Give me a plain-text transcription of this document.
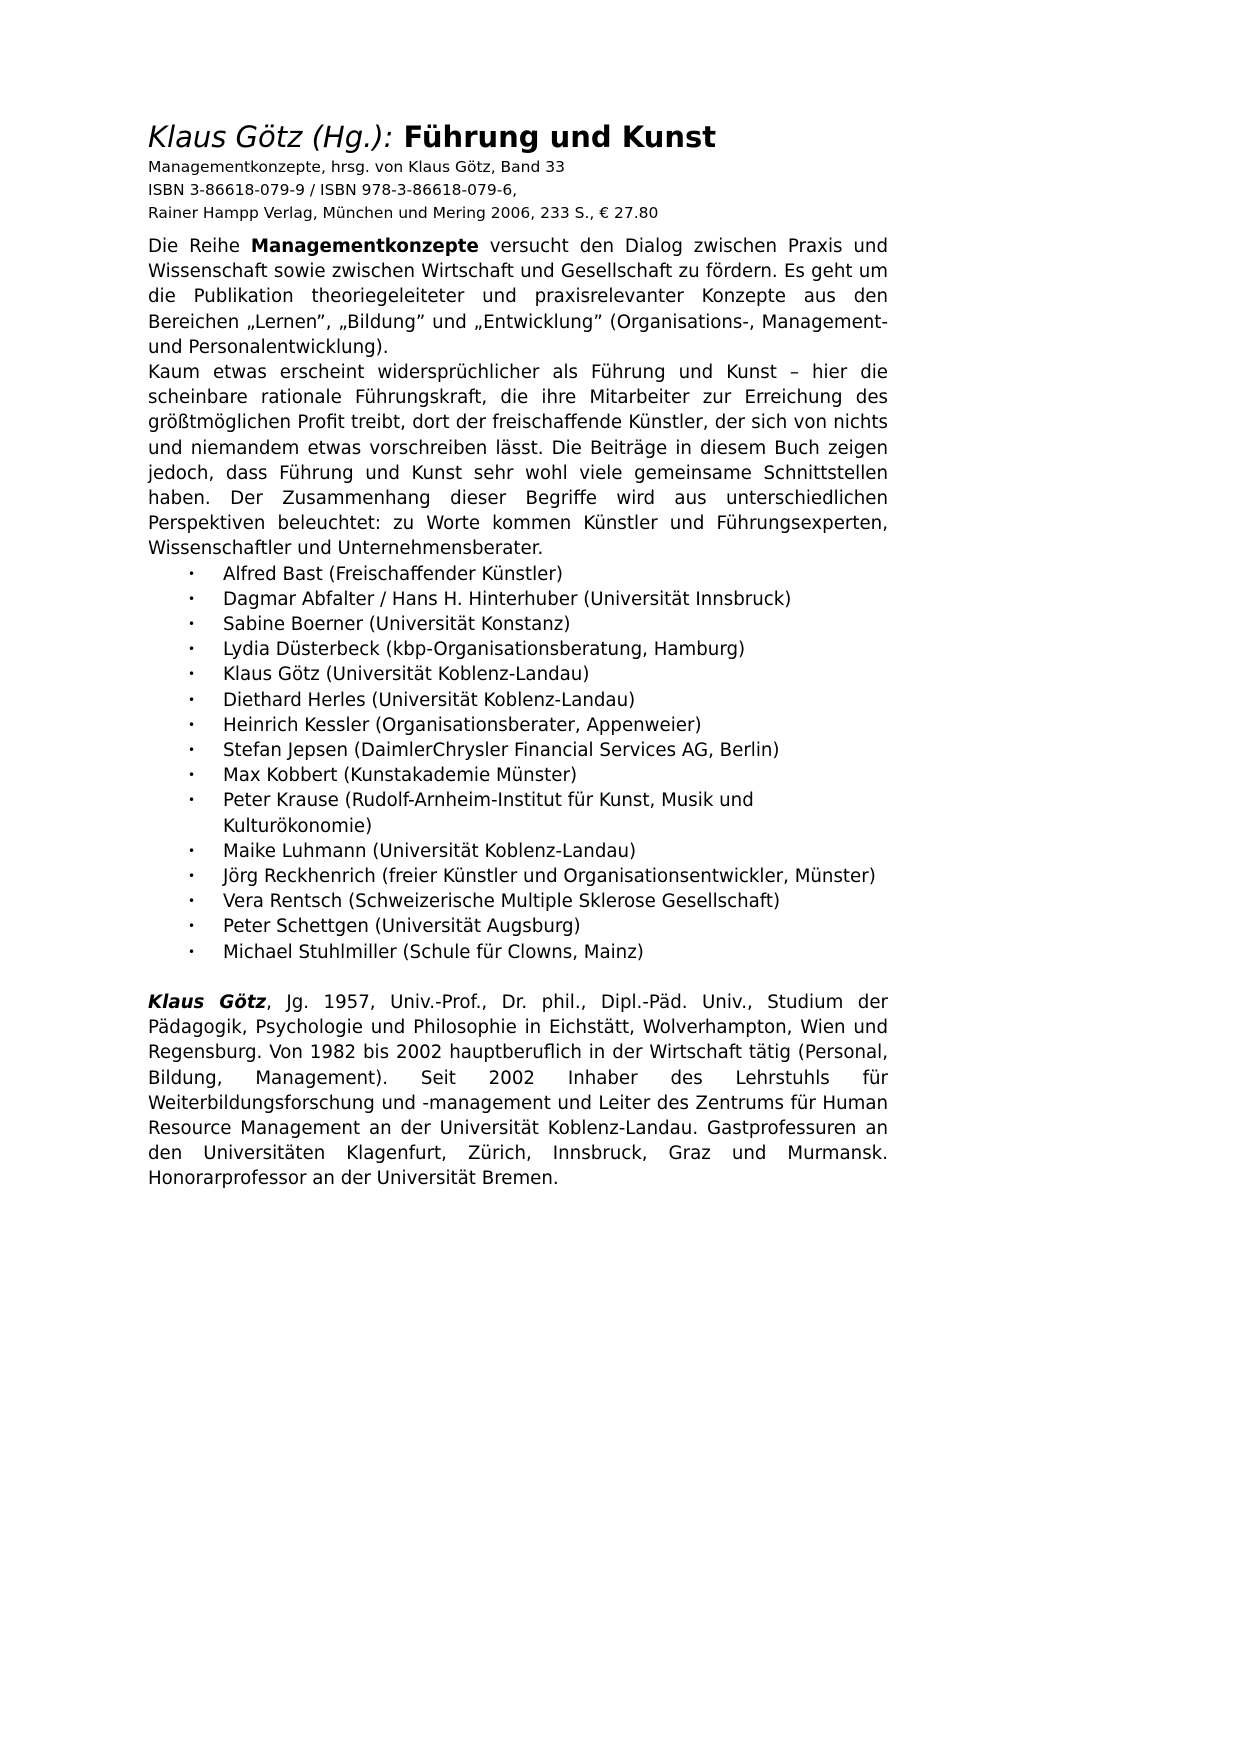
Klaus Götz (Hg.): Führung und Kunst

Managementkonzepte, hrsg. von Klaus Götz, Band 33

ISBN 3-86618-079-9 / ISBN 978-3-86618-079-6,

Rainer Hampp Verlag, München und Mering 2006, 233 S., € 27.80

Die Reihe Managementkonzepte versucht den Dialog zwischen Praxis und Wissenschaft sowie zwischen Wirtschaft und Gesellschaft zu fördern. Es geht um die Publikation theoriegeleiteter und praxisrelevanter Konzepte aus den Bereichen „Lernen”, „Bildung” und „Entwicklung” (Organisations-, Management- und Personalentwicklung).

Kaum etwas erscheint widersprüchlicher als Führung und Kunst – hier die scheinbare rationale Führungskraft, die ihre Mitarbeiter zur Erreichung des größtmöglichen Profit treibt, dort der freischaffende Künstler, der sich von nichts und niemandem etwas vorschreiben lässt. Die Beiträge in diesem Buch zeigen jedoch, dass Führung und Kunst sehr wohl viele gemeinsame Schnittstellen haben. Der Zusammenhang dieser Begriffe wird aus unterschiedlichen Perspektiven beleuchtet: zu Worte kommen Künstler und Führungsexperten, Wissenschaftler und Unternehmensberater.

• Alfred Bast (Freischaffender Künstler)
• Dagmar Abfalter / Hans H. Hinterhuber (Universität Innsbruck)
• Sabine Boerner (Universität Konstanz)
• Lydia Düsterbeck (kbp-Organisationsberatung, Hamburg)
• Klaus Götz (Universität Koblenz-Landau)
• Diethard Herles (Universität Koblenz-Landau)
• Heinrich Kessler (Organisationsberater, Appenweier)
• Stefan Jepsen (DaimlerChrysler Financial Services AG, Berlin)
• Max Kobbert (Kunstakademie Münster)
• Peter Krause (Rudolf-Arnheim-Institut für Kunst, Musik und Kulturökonomie)
• Maike Luhmann (Universität Koblenz-Landau)
• Jörg Reckhenrich (freier Künstler und Organisationsentwickler, Münster)
• Vera Rentsch (Schweizerische Multiple Sklerose Gesellschaft)
• Peter Schettgen (Universität Augsburg)
• Michael Stuhlmiller (Schule für Clowns, Mainz)

Klaus Götz, Jg. 1957, Univ.-Prof., Dr. phil., Dipl.-Päd. Univ., Studium der Pädagogik, Psychologie und Philosophie in Eichstätt, Wolverhampton, Wien und Regensburg. Von 1982 bis 2002 hauptberuflich in der Wirtschaft tätig (Personal, Bildung, Management). Seit 2002 Inhaber des Lehrstuhls für Weiterbildungsforschung und -management und Leiter des Zentrums für Human Resource Management an der Universität Koblenz-Landau. Gastprofessuren an den Universitäten Klagenfurt, Zürich, Innsbruck, Graz und Murmansk. Honorarprofessor an der Universität Bremen.
